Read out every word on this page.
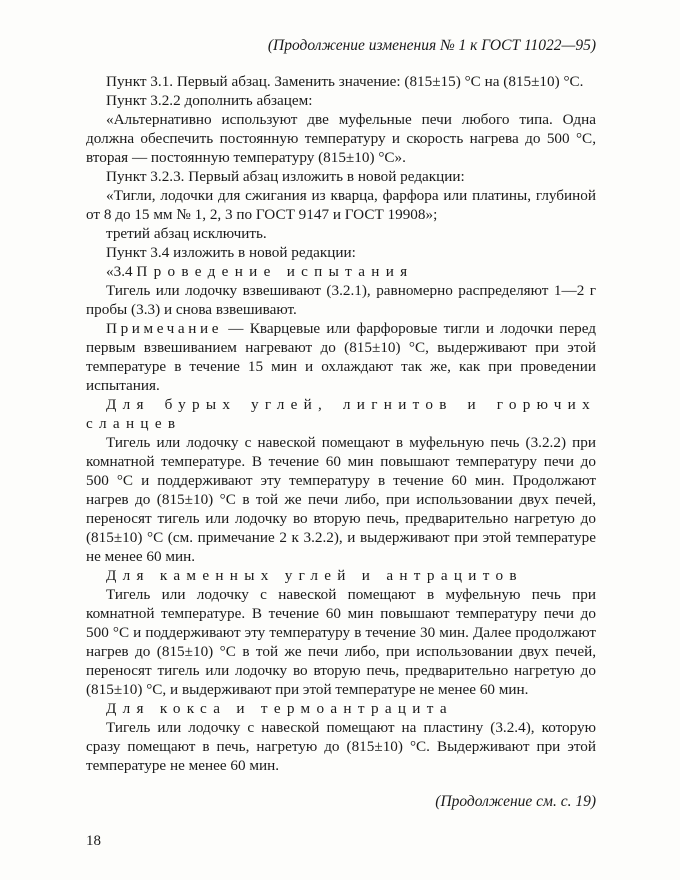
(Продолжение изменения № 1 к ГОСТ 11022—95)

Пункт 3.1. Первый абзац. Заменить значение: (815±15) °С на (815±10) °С.

Пункт 3.2.2 дополнить абзацем:

«Альтернативно используют две муфельные печи любого типа. Одна должна обеспечить постоянную температуру и скорость нагрева до 500 °С, вторая — постоянную температуру (815±10) °С».

Пункт 3.2.3. Первый абзац изложить в новой редакции:

«Тигли, лодочки для сжигания из кварца, фарфора или платины, глубиной от 8 до 15 мм № 1, 2, 3 по ГОСТ 9147 и ГОСТ 19908»;

третий абзац исключить.

Пункт 3.4 изложить в новой редакции:

«3.4 Проведение испытания

Тигель или лодочку взвешивают (3.2.1), равномерно распределяют 1—2 г пробы (3.3) и снова взвешивают.

Примечание — Кварцевые или фарфоровые тигли и лодочки перед первым взвешиванием нагревают до (815±10) °С, выдерживают при этой температуре в течение 15 мин и охлаждают так же, как при проведении испытания.

Для бурых углей, лигнитов и горючих сланцев

Тигель или лодочку с навеской помещают в муфельную печь (3.2.2) при комнатной температуре. В течение 60 мин повышают температуру печи до 500 °С и поддерживают эту температуру в течение 60 мин. Продолжают нагрев до (815±10) °С в той же печи либо, при использовании двух печей, переносят тигель или лодочку во вторую печь, предварительно нагретую до (815±10) °С (см. примечание 2 к 3.2.2), и выдерживают при этой температуре не менее 60 мин.

Для каменных углей и антрацитов

Тигель или лодочку с навеской помещают в муфельную печь при комнатной температуре. В течение 60 мин повышают температуру печи до 500 °С и поддерживают эту температуру в течение 30 мин. Далее продолжают нагрев до (815±10) °С в той же печи либо, при использовании двух печей, переносят тигель или лодочку во вторую печь, предварительно нагретую до (815±10) °С, и выдерживают при этой температуре не менее 60 мин.

Для кокса и термоантрацита

Тигель или лодочку с навеской помещают на пластину (3.2.4), которую сразу помещают в печь, нагретую до (815±10) °С. Выдерживают при этой температуре не менее 60 мин.

(Продолжение см. с. 19)
18
